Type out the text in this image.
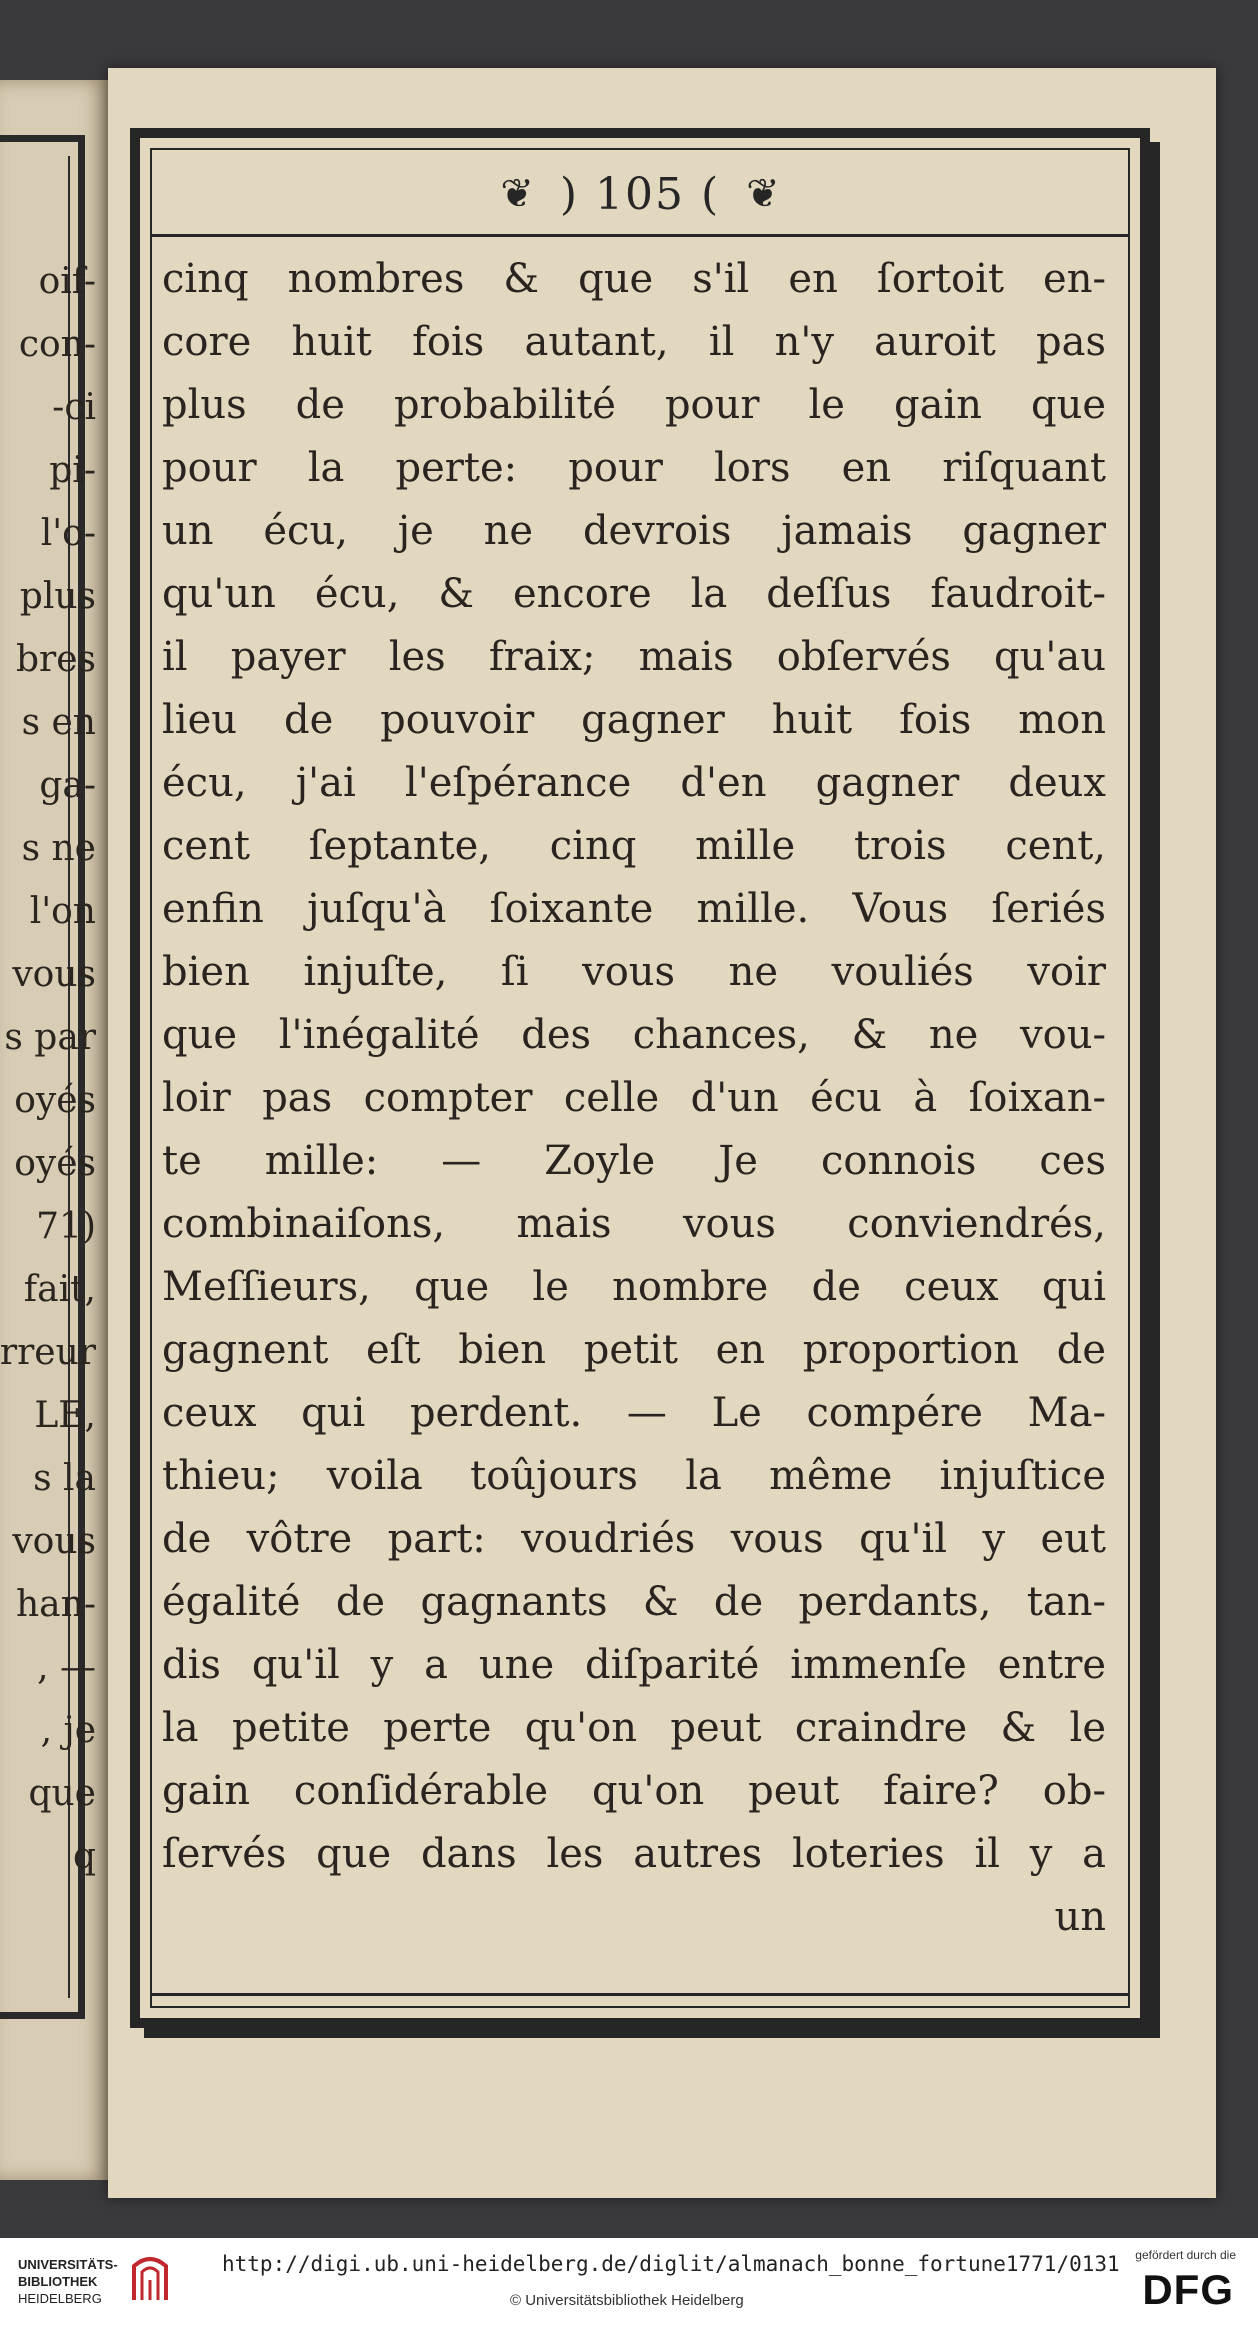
oif-
con-
-ci
pi-
l'o-
plus
bres
s en
ga-
s ne
l'on
vous
s par
oyés
oyés
71)
fait,
rreur
LE,
s la
vous
han-
, —
, je
que
q
❦ ) 105 ( ❦
cinq nombres & que s'il en ſortoit en-
core huit fois autant, il n'y auroit pas
plus de probabilité pour le gain que
pour la perte: pour lors en riſquant
un écu, je ne devrois jamais gagner
qu'un écu, & encore la deſſus faudroit-
il payer les fraix; mais obſervés qu'au
lieu de pouvoir gagner huit fois mon
écu, j'ai l'eſpérance d'en gagner deux
cent ſeptante, cinq mille trois cent,
enfin juſqu'à ſoixante mille. Vous ſeriés
bien injuſte, ſi vous ne vouliés voir
que l'inégalité des chances, & ne vou-
loir pas compter celle d'un écu à ſoixan-
te mille: — Zoyle Je connois ces
combinaiſons, mais vous conviendrés,
Meſſieurs, que le nombre de ceux qui
gagnent eſt bien petit en proportion de
ceux qui perdent. — Le compére Ma-
thieu; voila toûjours la même injuſtice
de vôtre part: voudriés vous qu'il y eut
égalité de gagnants & de perdants, tan-
dis qu'il y a une diſparité immenſe entre
la petite perte qu'on peut craindre & le
gain conſidérable qu'on peut faire? ob-
ſervés que dans les autres loteries il y a
un
UNIVERSITÄTS-
BIBLIOTHEK
HEIDELBERG
http://digi.ub.uni-heidelberg.de/diglit/almanach_bonne_fortune1771/0131
© Universitätsbibliothek Heidelberg
gefördert durch die
DFG
